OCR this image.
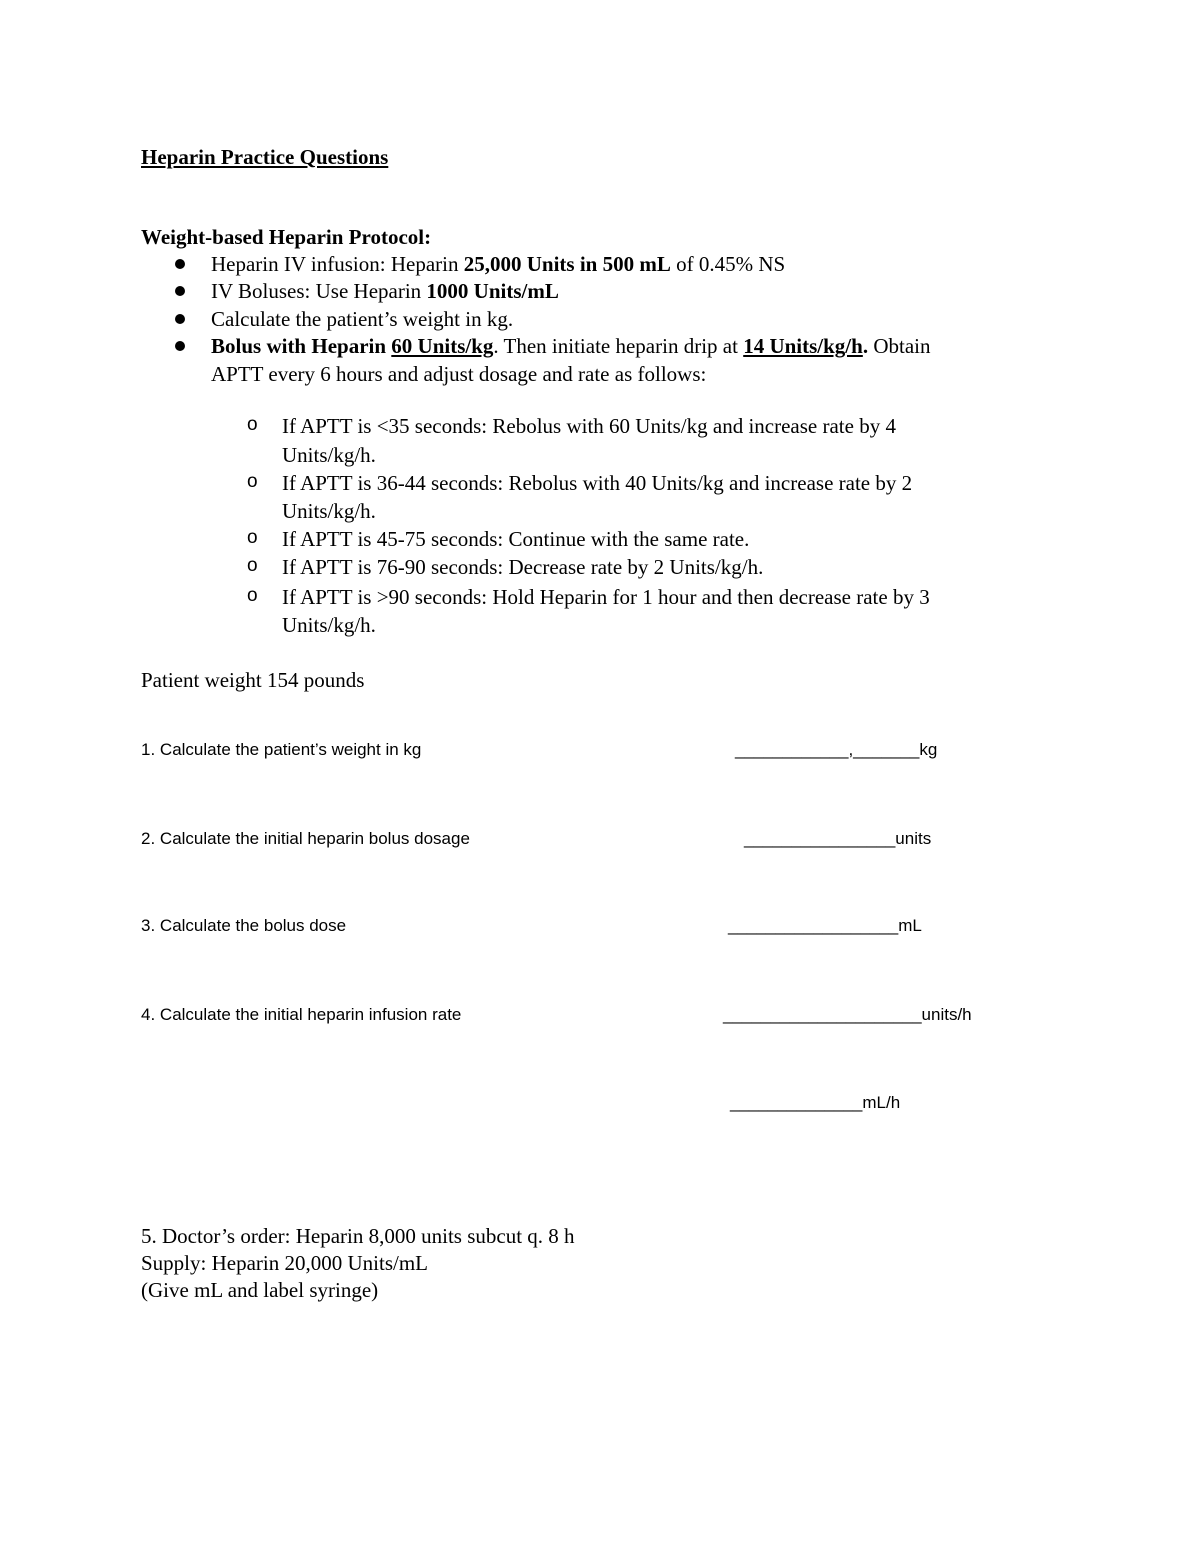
Heparin Practice Questions
Weight-based Heparin Protocol:
Heparin IV infusion: Heparin 25,000 Units in 500 mL of 0.45% NS
IV Boluses: Use Heparin 1000 Units/mL
Calculate the patient’s weight in kg.
Bolus with Heparin 60 Units/kg. Then initiate heparin drip at 14 Units/kg/h. Obtain
APTT every 6 hours and adjust dosage and rate as follows:
o If APTT is <35 seconds: Rebolus with 60 Units/kg and increase rate by 4
Units/kg/h.
o If APTT is 36-44 seconds: Rebolus with 40 Units/kg and increase rate by 2
Units/kg/h.
o If APTT is 45-75 seconds: Continue with the same rate.
o If APTT is 76-90 seconds: Decrease rate by 2 Units/kg/h.
o If APTT is >90 seconds: Hold Heparin for 1 hour and then decrease rate by 3
Units/kg/h.
Patient weight 154 pounds
1. Calculate the patient’s weight in kg	____________,_______kg
2. Calculate the initial heparin bolus dosage	________________units
3. Calculate the bolus dose	__________________mL
4. Calculate the initial heparin infusion rate	_____________________units/h
______________mL/h
5. Doctor’s order: Heparin 8,000 units subcut q. 8 h
Supply: Heparin 20,000 Units/mL
(Give mL and label syringe)
